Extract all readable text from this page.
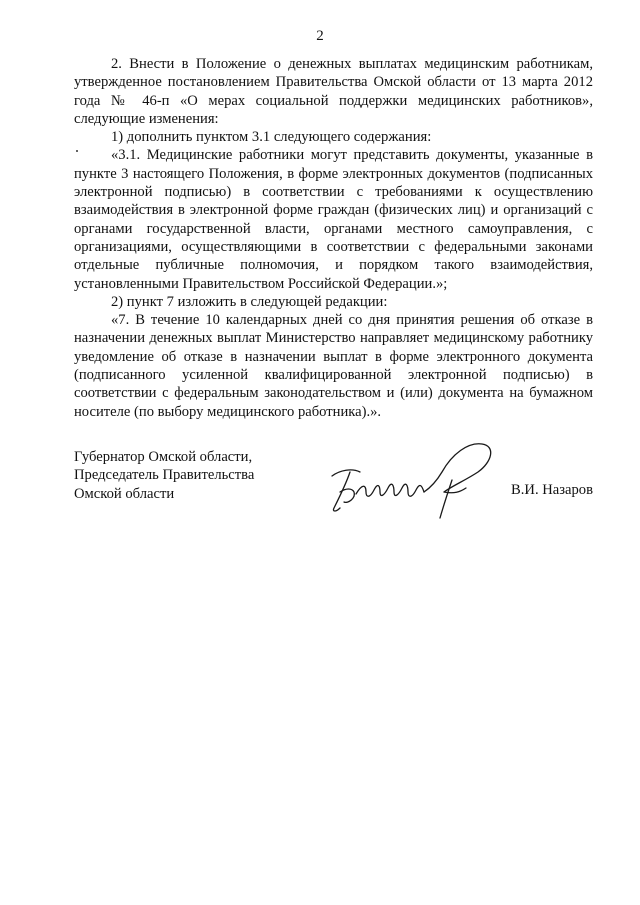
2

2. Внести в Положение о денежных выплатах медицинским работникам, утвержденное постановлением Правительства Омской области от 13 марта 2012 года № 46-п «О мерах социальной поддержки медицинских работников», следующие изменения:

1) дополнить пунктом 3.1 следующего содержания:

«3.1. Медицинские работники могут представить документы, указанные в пункте 3 настоящего Положения, в форме электронных документов (подписанных электронной подписью) в соответствии с требованиями к осуществлению взаимодействия в электронной форме граждан (физических лиц) и организаций с органами государственной власти, органами местного самоуправления, с организациями, осуществляющими в соответствии с федеральными законами отдельные публичные полномочия, и порядком такого взаимодействия, установленными Правительством Российской Федерации.»;

2) пункт 7 изложить в следующей редакции:

«7. В течение 10 календарных дней со дня принятия решения об отказе в назначении денежных выплат Министерство направляет медицинскому работнику уведомление об отказе в назначении выплат в форме электронного документа (подписанного усиленной квалифицированной электронной подписью) в соответствии с федеральным законодательством и (или) документа на бумажном носителе (по выбору медицинского работника).».

Губернатор Омской области,
Председатель Правительства
Омской области	В.И. Назаров
